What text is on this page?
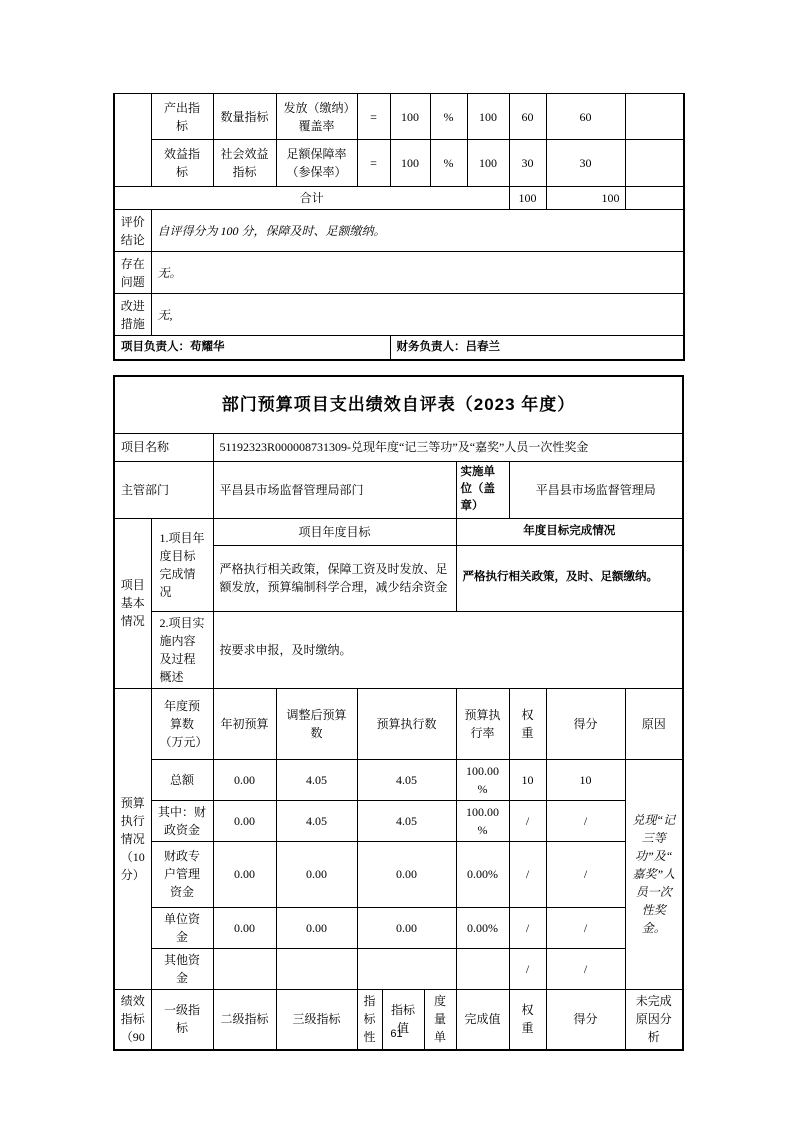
	产出指标	数量指标	发放（缴纳）覆盖率	=	100	%	100	60	60	
	效益指标	社会效益指标	足额保障率（参保率）	=	100	%	100	30	30	
合计								100	100	
评价结论	自评得分为 100 分，保障及时、足额缴纳。									
存在问题	无。									
改进措施	无,									
项目负责人：苟耀华					财务负责人：吕春兰					
部门预算项目支出绩效自评表（2023 年度）										
项目名称		51192323R000008731309-兑现年度“记三等功”及“嘉奖”人员一次性奖金								
主管部门		平昌县市场监督管理局部门					实施单位（盖章）	平昌县市场监督管理局		
项目基本情况	1.项目年度目标完成情况	项目年度目标					年度目标完成情况			
		严格执行相关政策，保障工资及时发放、足额发放，预算编制科学合理，减少结余资金					严格执行相关政策，及时、足额缴纳。			
	2.项目实施内容及过程概述	按要求申报，及时缴纳。								
预算执行情况（10分）	年度预算数（万元）	年初预算	调整后预算数	预算执行数			预算执行率	权重	得分	原因
	总额	0.00	4.05	4.05			100.00%	10	10	兑现“记三等功”及“嘉奖”人员一次性奖金。
	其中：财政资金	0.00	4.05	4.05			100.00%	/	/	
	财政专户管理资金	0.00	0.00	0.00			0.00%	/	/	
	单位资金	0.00	0.00	0.00			0.00%	/	/	
	其他资金							/	/	
绩效指标（90	一级指标	二级指标	三级指标	指标性	指标值	度量单	完成值	权重	得分	未完成原因分析
61
